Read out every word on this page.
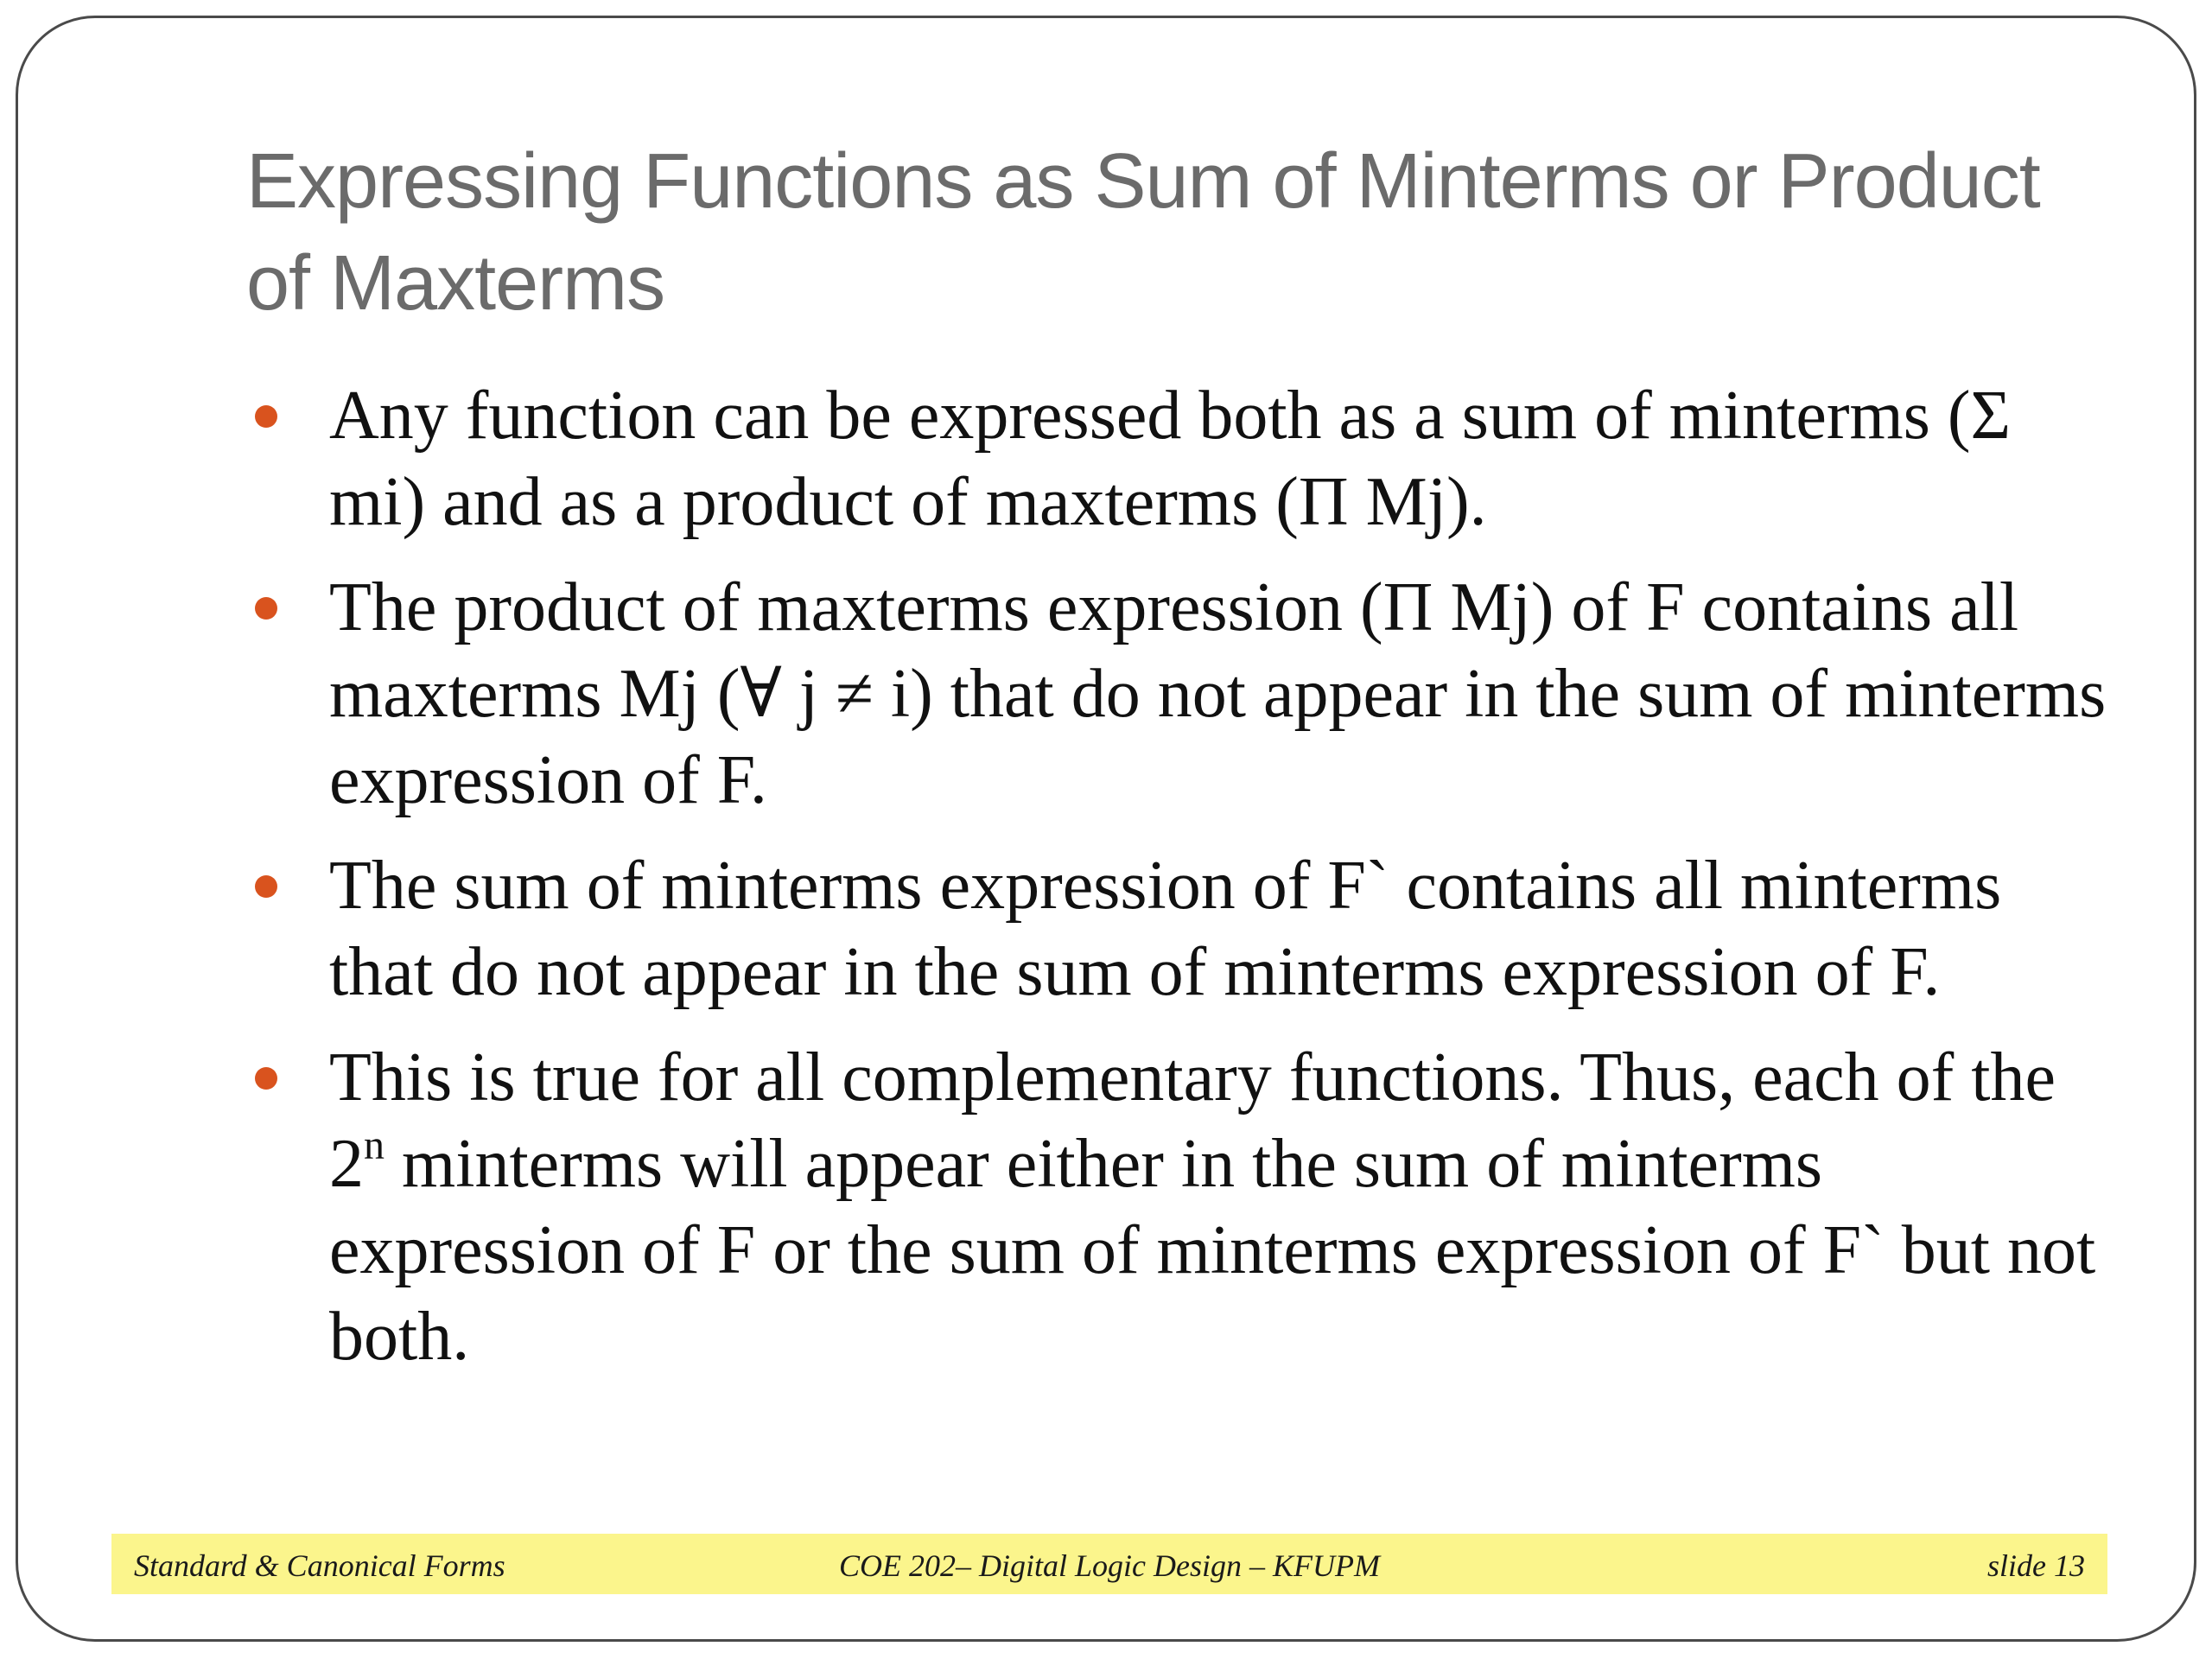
Expressing Functions as Sum of Minterms or Product of Maxterms
Any function can be expressed both as a sum of minterms (Σ mi) and as a product of maxterms (Π Mj).
The product of maxterms expression (Π Mj) of F contains all maxterms Mj (∀ j ≠ i) that do not appear in the sum of minterms expression of F.
The sum of minterms expression of F` contains all minterms that do not appear in the sum of minterms expression of F.
This is true for all complementary functions. Thus, each of the 2$^n$ minterms will appear either in the sum of minterms expression of F or the sum of minterms expression of F` but not both.
Standard & Canonical Forms	COE 202– Digital Logic Design – KFUPM	slide 13
